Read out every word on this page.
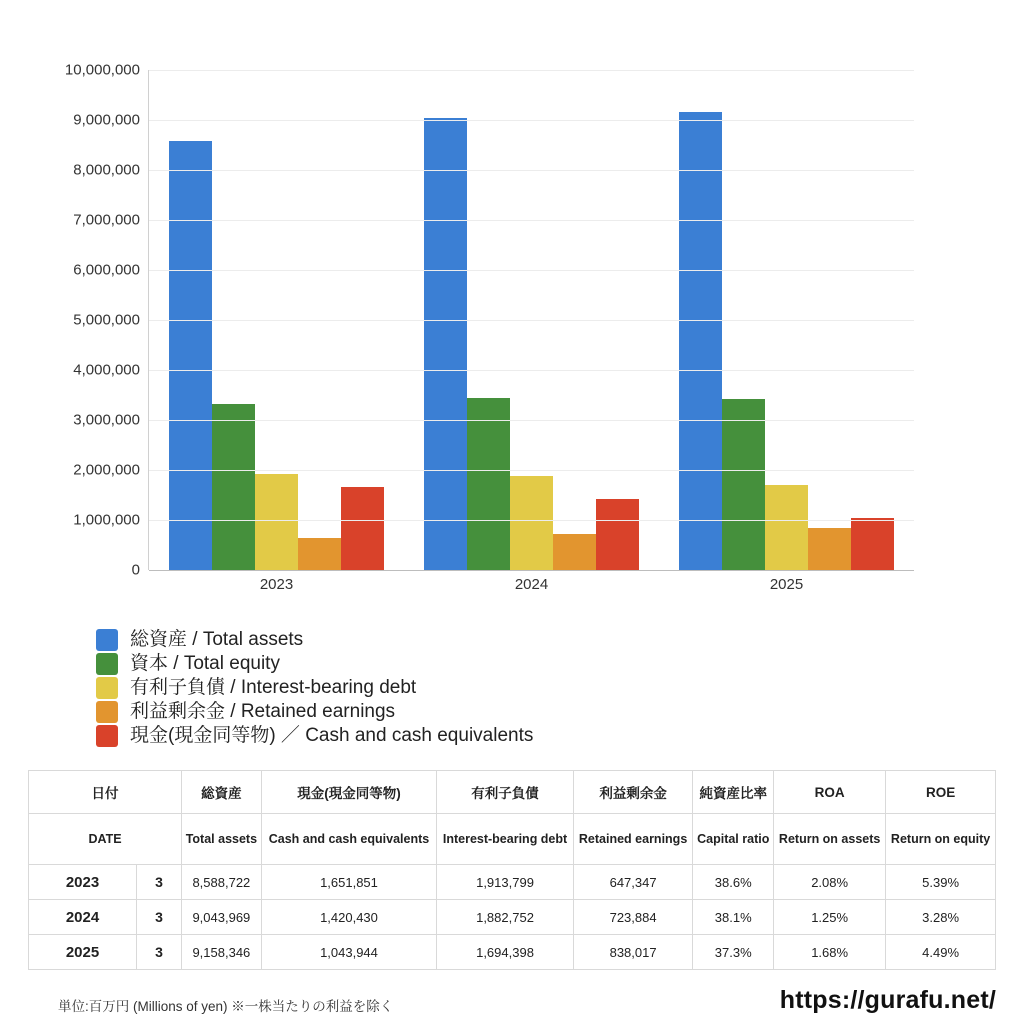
0
1,000,000
2,000,000
3,000,000
4,000,000
5,000,000
6,000,000
7,000,000
8,000,000
9,000,000
10,000,000
2023	2024	2025
総資産 / Total assets
資本 / Total equity
有利子負債 / Interest-bearing debt
利益剰余金 / Retained earnings
現金(現金同等物) ／ Cash and cash equivalents
日付		総資産	現金(現金同等物)	有利子負債	利益剰余金	純資産比率	ROA	ROE
DATE		Total assets	Cash and cash equivalents	Interest-bearing debt	Retained earnings	Capital ratio	Return on assets	Return on equity
2023	3	8,588,722	1,651,851	1,913,799	647,347	38.6%	2.08%	5.39%
2024	3	9,043,969	1,420,430	1,882,752	723,884	38.1%	1.25%	3.28%
2025	3	9,158,346	1,043,944	1,694,398	838,017	37.3%	1.68%	4.49%
単位:百万円 (Millions of yen) ※一株当たりの利益を除く	https://gurafu.net/
